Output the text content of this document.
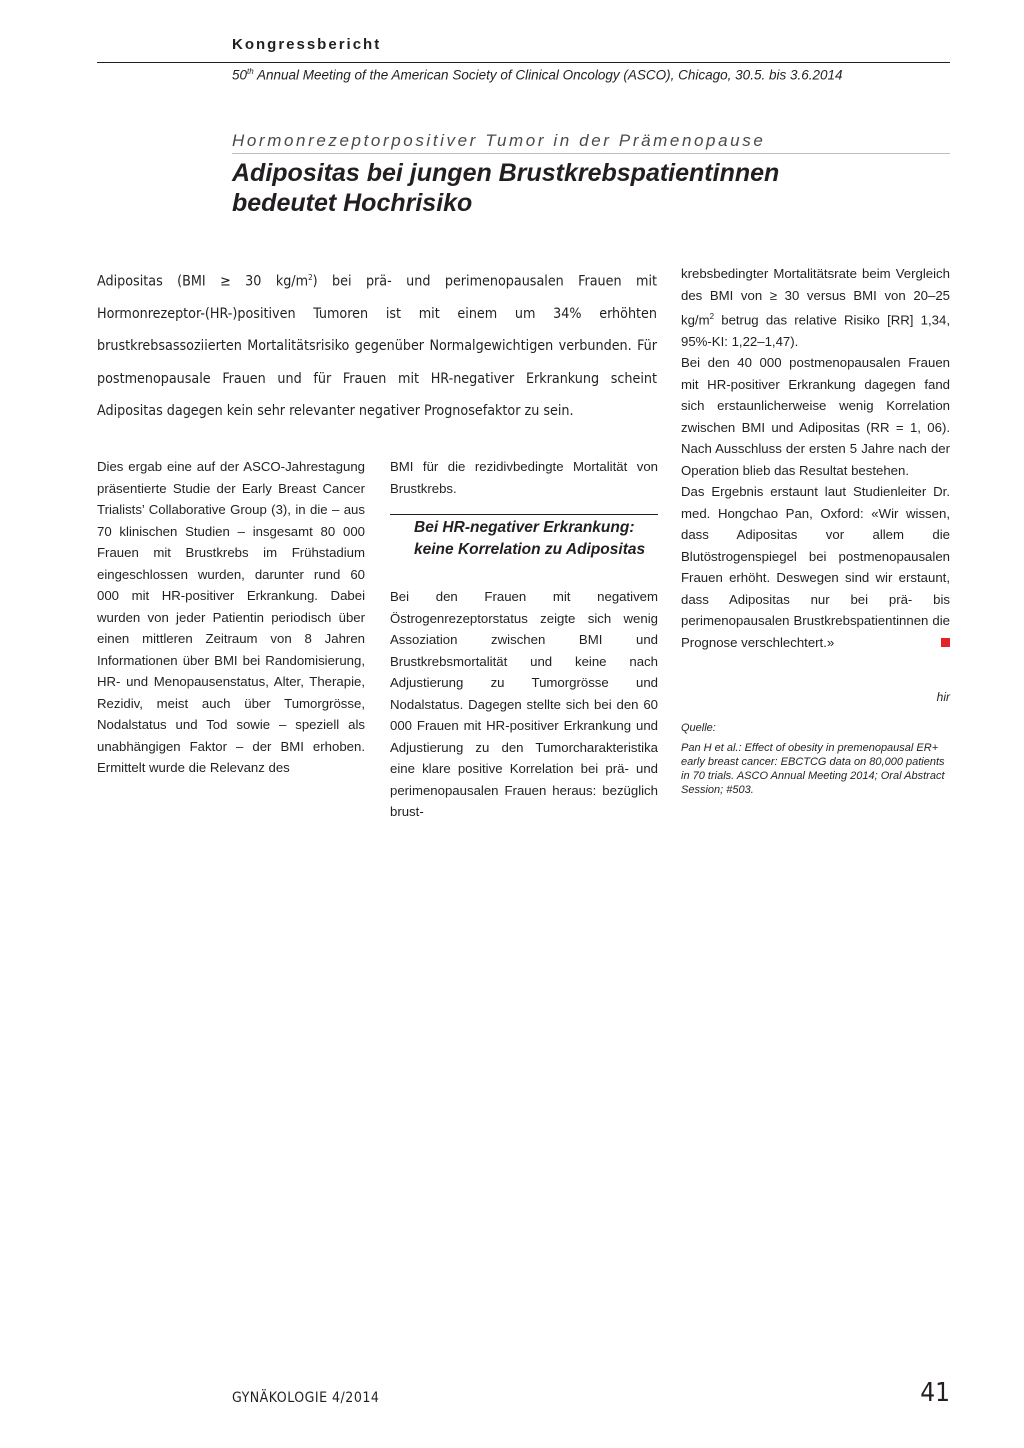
Kongressbericht
50th Annual Meeting of the American Society of Clinical Oncology (ASCO), Chicago, 30.5. bis 3.6.2014
Hormonrezeptorpositiver Tumor in der Prämenopause
Adipositas bei jungen Brustkrebspatientinnen
bedeutet Hochrisiko
Adipositas (BMI ≥ 30 $kg/m^2$) bei prä- und perimenopausalen Frauen mit Hormonrezeptor-(HR-)positiven Tumoren ist mit einem um 34% erhöhten brustkrebsassoziierten Mortalitätsrisiko gegenüber Normalgewichtigen verbunden. Für postmenopausale Frauen und für Frauen mit HR-negativer Erkrankung scheint Adipositas dagegen kein sehr relevanter negativer Prognosefaktor zu sein.

Dies ergab eine auf der ASCO-Jahrestagung präsentierte Studie der Early Breast Cancer Trialists’ Collaborative Group (3), in die – aus 70 klinischen Studien – insgesamt 80 000 Frauen mit Brustkrebs im Frühstadium eingeschlossen wurden, darunter rund 60 000 mit HR-positiver Erkrankung. Dabei wurden von jeder Patientin periodisch über einen mittleren Zeitraum von 8 Jahren Informationen über BMI bei Randomisierung, HR- und Menopausenstatus, Alter, Therapie, Rezidiv, meist auch über Tumorgrösse, Nodalstatus und Tod sowie – speziell als unabhängigen Faktor – der BMI erhoben. Ermittelt wurde die Relevanz des

BMI für die rezidivbedingte Mortalität von Brustkrebs.

Bei HR-negativer Erkrankung: keine Korrelation zu Adipositas

Bei den Frauen mit negativem Östrogenrezeptorstatus zeigte sich wenig Assoziation zwischen BMI und Brustkrebsmortalität und keine nach Adjustierung zu Tumorgrösse und Nodalstatus. Dagegen stellte sich bei den 60 000 Frauen mit HR-positiver Erkrankung und Adjustierung zu den Tumorcharakteristika eine klare positive Korrelation bei prä- und perimenopausalen Frauen heraus: bezüglich brust-

krebsbedingter Mortalitätsrate beim Vergleich des BMI von ≥ 30 versus BMI von 20–25 $kg/m^2$ betrug das relative Risiko [RR] 1,34, 95%-KI: 1,22–1,47).

Bei den 40 000 postmenopausalen Frauen mit HR-positiver Erkrankung dagegen fand sich erstaunlicherweise wenig Korrelation zwischen BMI und Adipositas (RR = 1, 06). Nach Ausschluss der ersten 5 Jahre nach der Operation blieb das Resultat bestehen.

Das Ergebnis erstaunt laut Studienleiter Dr. med. Hongchao Pan, Oxford: «Wir wissen, dass Adipositas vor allem die Blutöstrogenspiegel bei postmenopausalen Frauen erhöht. Deswegen sind wir erstaunt, dass Adipositas nur bei prä- bis perimenopausalen Brustkrebspatientinnen die Prognose verschlechtert.»

hir
Quelle:
Pan H et al.: Effect of obesity in premenopausal ER+ early breast cancer: EBCTCG data on 80,000 patients in 70 trials. ASCO Annual Meeting 2014; Oral Abstract Session; #503.
GYNÄKOLOGIE 4/2014	41
